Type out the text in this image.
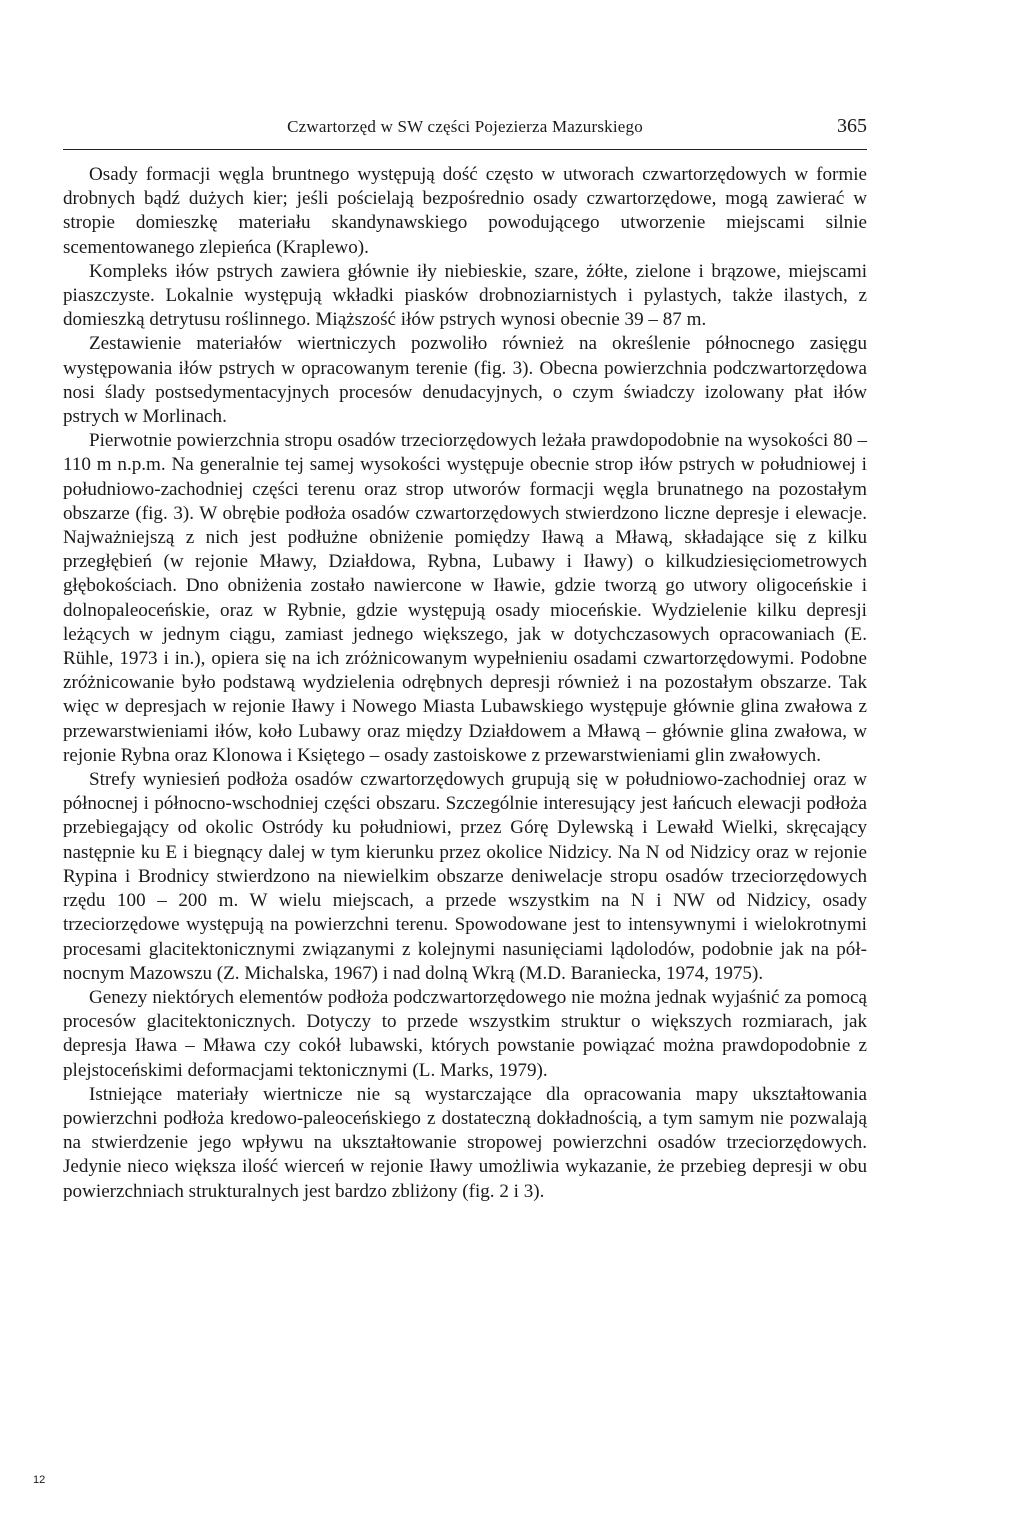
Czwartorzęd w SW części Pojezierza Mazurskiego	365

Osady formacji węgla bruntnego występują dość często w utworach czwartorzędowych w formie drobnych bądź dużych kier; jeśli pościelają bezpośrednio osady czwartorzędowe, mogą zawierać w stropie domieszkę materiału skandynawskiego powodującego utworzenie miejscami silnie scementowanego zlepieńca (Kraplewo).

Kompleks iłów pstrych zawiera głównie iły niebieskie, szare, żółte, zielone i brązowe, miejscami piaszczyste. Lokalnie występują wkładki piasków drobnoziarnistych i pylastych, także ilastych, z domieszką detrytusu roślinnego. Miąższość iłów pstrych wynosi obecnie 39 – 87 m.

Zestawienie materiałów wiertniczych pozwoliło również na określenie północnego zasięgu występowania iłów pstrych w opracowanym terenie (fig. 3). Obecna powierzchnia podczwartorzędowa nosi ślady postsedymentacyjnych procesów denudacyjnych, o czym świadczy izolowany płat iłów pstrych w Morlinach.

Pierwotnie powierzchnia stropu osadów trzeciorzędowych leżała prawdopodobnie na wysokości 80 – 110 m n.p.m. Na generalnie tej samej wysokości występuje obecnie strop iłów pstrych w południowej i południowo-zachodniej części terenu oraz strop utworów formacji węgla brunatnego na pozostałym obszarze (fig. 3). W obrębie podłoża osadów czwartorzędowych stwierdzono liczne depresje i elewacje. Najważniejszą z nich jest podłużne obniżenie pomiędzy Iławą a Mławą, składające się z kilku przegłębień (w rejonie Mławy, Działdowa, Rybna, Lubawy i Iławy) o kilkudziesięciometrowych głębokościach. Dno obniżenia zostało nawiercone w Iławie, gdzie tworzą go utwory oligoceńskie i dolnopaleoceńskie, oraz w Rybnie, gdzie występują osady mioceńskie. Wydzielenie kilku depresji leżących w jednym ciągu, zamiast jednego większego, jak w dotychczasowych opracowaniach (E. Rühle, 1973 i in.), opiera się na ich zróżnicowanym wypełnieniu osadami czwartorzędowymi. Podobne zróżnicowanie było podstawą wydzielenia odrębnych depresji również i na pozostałym obszarze. Tak więc w depresjach w rejonie Iławy i Nowego Miasta Lubawskiego występuje głównie glina zwałowa z przewarstwieniami iłów, koło Lubawy oraz między Działdowem a Mławą – głównie glina zwałowa, w rejonie Rybna oraz Klonowa i Księtego – osady zastoiskowe z przewarstwieniami glin zwałowych.

Strefy wyniesień podłoża osadów czwartorzędowych grupują się w południowo-zachodniej oraz w północnej i północno-wschodniej części obszaru. Szczególnie interesujący jest łańcuch elewacji podłoża przebiegający od okolic Ostródy ku południowi, przez Górę Dylewską i Lewałd Wielki, skręcający następnie ku E i biegnący dalej w tym kierunku przez okolice Nidzicy. Na N od Nidzicy oraz w rejonie Rypina i Brodnicy stwierdzono na niewielkim obszarze deniwelacje stropu osadów trzeciorzędowych rzędu 100 – 200 m. W wielu miejscach, a przede wszystkim na N i NW od Nidzicy, osady trzeciorzędowe występują na powierzchni terenu. Spowodowane jest to intensywnymi i wielokrotnymi procesami glacitektonicznymi związanymi z kolejnymi nasunięciami lądolodów, podobnie jak na północnym Mazowszu (Z. Michalska, 1967) i nad dolną Wkrą (M.D. Baraniecka, 1974, 1975).

Genezy niektórych elementów podłoża podczwartorzędowego nie można jednak wyjaśnić za pomocą procesów glacitektonicznych. Dotyczy to przede wszystkim struktur o większych rozmiarach, jak depresja Iława – Mława czy cokół lubawski, których powstanie powiązać można prawdopodobnie z plejstoceńskimi deformacjami tektonicznymi (L. Marks, 1979).

Istniejące materiały wiertnicze nie są wystarczające dla opracowania mapy ukształtowania powierzchni podłoża kredowo-paleoceńskiego z dostateczną dokładnością, a tym samym nie pozwalają na stwierdzenie jego wpływu na ukształtowanie stropowej powierzchni osadów trzeciorzędowych. Jedynie nieco większa ilość wierceń w rejonie Iławy umożliwia wykazanie, że przebieg depresji w obu powierzchniach strukturalnych jest bardzo zbliżony (fig. 2 i 3).

12
